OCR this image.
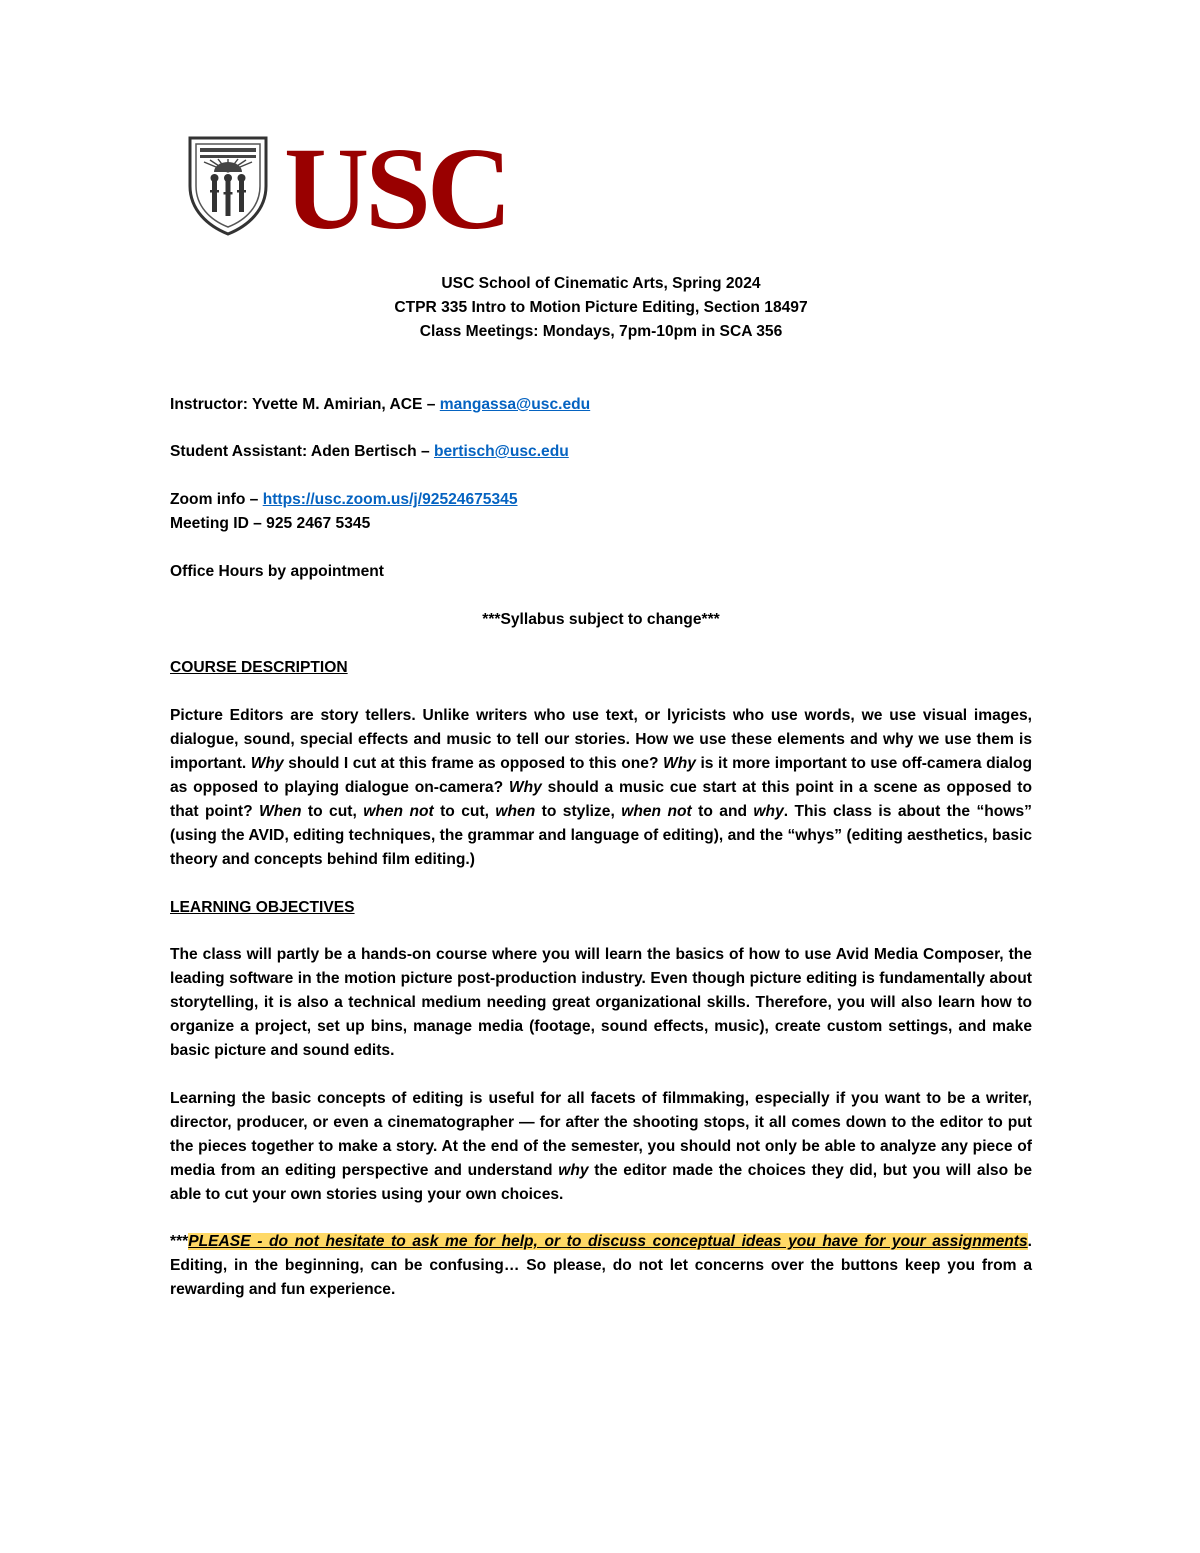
USC
USC School of Cinematic Arts, Spring 2024
CTPR 335 Intro to Motion Picture Editing, Section 18497
Class Meetings: Mondays, 7pm-10pm in SCA 356
Instructor: Yvette M. Amirian, ACE – mangassa@usc.edu
Student Assistant: Aden Bertisch – bertisch@usc.edu
Zoom info – https://usc.zoom.us/j/92524675345
Meeting ID – 925 2467 5345
Office Hours by appointment
***Syllabus subject to change***
COURSE DESCRIPTION
Picture Editors are story tellers. Unlike writers who use text, or lyricists who use words, we use visual images, dialogue, sound, special effects and music to tell our stories. How we use these elements and why we use them is important. Why should I cut at this frame as opposed to this one? Why is it more important to use off-camera dialog as opposed to playing dialogue on-camera? Why should a music cue start at this point in a scene as opposed to that point? When to cut, when not to cut, when to stylize, when not to and why. This class is about the “hows” (using the AVID, editing techniques, the grammar and language of editing), and the “whys” (editing aesthetics, basic theory and concepts behind film editing.)
LEARNING OBJECTIVES
The class will partly be a hands-on course where you will learn the basics of how to use Avid Media Composer, the leading software in the motion picture post-production industry. Even though picture editing is fundamentally about storytelling, it is also a technical medium needing great organizational skills. Therefore, you will also learn how to organize a project, set up bins, manage media (footage, sound effects, music), create custom settings, and make basic picture and sound edits.
Learning the basic concepts of editing is useful for all facets of filmmaking, especially if you want to be a writer, director, producer, or even a cinematographer — for after the shooting stops, it all comes down to the editor to put the pieces together to make a story. At the end of the semester, you should not only be able to analyze any piece of media from an editing perspective and understand why the editor made the choices they did, but you will also be able to cut your own stories using your own choices.
***PLEASE - do not hesitate to ask me for help, or to discuss conceptual ideas you have for your assignments. Editing, in the beginning, can be confusing… So please, do not let concerns over the buttons keep you from a rewarding and fun experience.
